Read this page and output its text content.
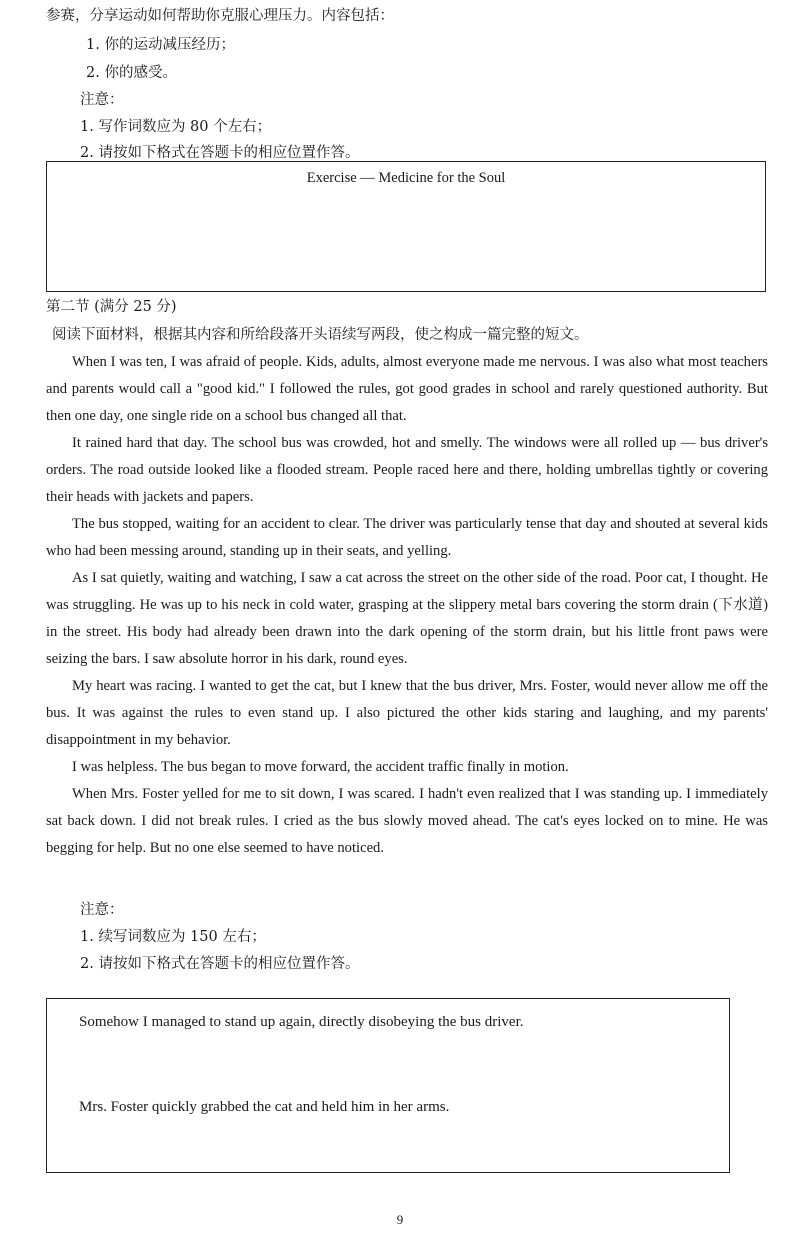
参赛，分享运动如何帮助你克服心理压力。内容包括：
1. 你的运动减压经历；
2. 你的感受。
注意：
1. 写作词数应为 80 个左右；
2. 请按如下格式在答题卡的相应位置作答。
Exercise — Medicine for the Soul
第二节 (满分 25 分)
阅读下面材料，根据其内容和所给段落开头语续写两段，使之构成一篇完整的短文。
When I was ten, I was afraid of people. Kids, adults, almost everyone made me nervous. I was also what most teachers and parents would call a "good kid." I followed the rules, got good grades in school and rarely questioned authority. But then one day, one single ride on a school bus changed all that.
It rained hard that day. The school bus was crowded, hot and smelly. The windows were all rolled up — bus driver's orders. The road outside looked like a flooded stream. People raced here and there, holding umbrellas tightly or covering their heads with jackets and papers.
The bus stopped, waiting for an accident to clear. The driver was particularly tense that day and shouted at several kids who had been messing around, standing up in their seats, and yelling.
As I sat quietly, waiting and watching, I saw a cat across the street on the other side of the road. Poor cat, I thought. He was struggling. He was up to his neck in cold water, grasping at the slippery metal bars covering the storm drain (下水道) in the street. His body had already been drawn into the dark opening of the storm drain, but his little front paws were seizing the bars. I saw absolute horror in his dark, round eyes.
My heart was racing. I wanted to get the cat, but I knew that the bus driver, Mrs. Foster, would never allow me off the bus. It was against the rules to even stand up. I also pictured the other kids staring and laughing, and my parents' disappointment in my behavior.
I was helpless. The bus began to move forward, the accident traffic finally in motion.
When Mrs. Foster yelled for me to sit down, I was scared. I hadn't even realized that I was standing up. I immediately sat back down. I did not break rules. I cried as the bus slowly moved ahead. The cat's eyes locked on to mine. He was begging for help. But no one else seemed to have noticed.
注意：
1. 续写词数应为 150 左右；
2. 请按如下格式在答题卡的相应位置作答。
Somehow I managed to stand up again, directly disobeying the bus driver.
Mrs. Foster quickly grabbed the cat and held him in her arms.
9
